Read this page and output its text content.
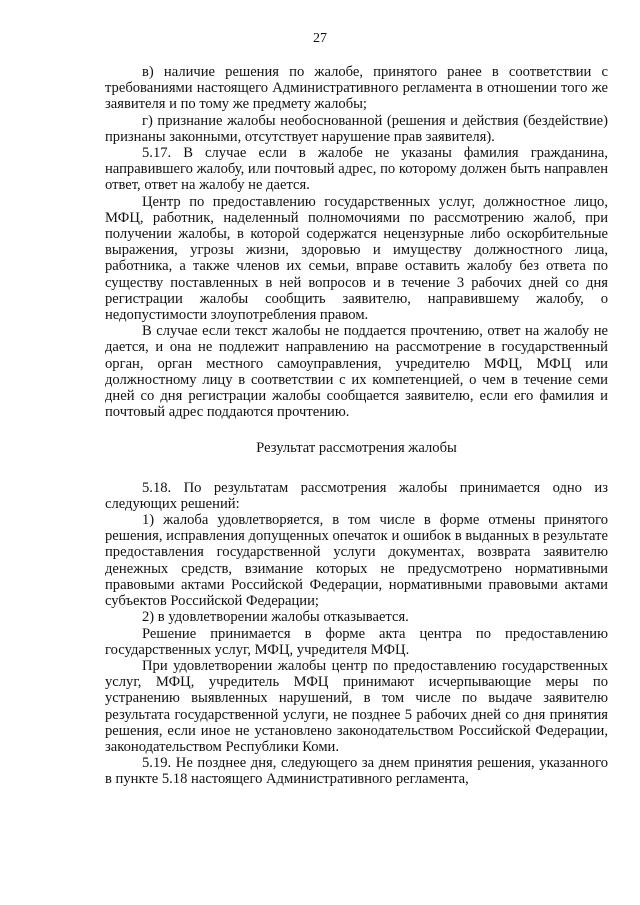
27

в) наличие решения по жалобе, принятого ранее в соответствии с требованиями настоящего Административного регламента в отношении того же заявителя и по тому же предмету жалобы;

г) признание жалобы необоснованной (решения и действия (бездействие) признаны законными, отсутствует нарушение прав заявителя).

5.17. В случае если в жалобе не указаны фамилия гражданина, направившего жалобу, или почтовый адрес, по которому должен быть направлен ответ, ответ на жалобу не дается.

Центр по предоставлению государственных услуг, должностное лицо, МФЦ, работник, наделенный полномочиями по рассмотрению жалоб, при получении жалобы, в которой содержатся нецензурные либо оскорбительные выражения, угрозы жизни, здоровью и имуществу должностного лица, работника, а также членов их семьи, вправе оставить жалобу без ответа по существу поставленных в ней вопросов и в течение 3 рабочих дней со дня регистрации жалобы сообщить заявителю, направившему жалобу, о недопустимости злоупотребления правом.

В случае если текст жалобы не поддается прочтению, ответ на жалобу не дается, и она не подлежит направлению на рассмотрение в государственный орган, орган местного самоуправления, учредителю МФЦ, МФЦ или должностному лицу в соответствии с их компетенцией, о чем в течение семи дней со дня регистрации жалобы сообщается заявителю, если его фамилия и почтовый адрес поддаются прочтению.

Результат рассмотрения жалобы

5.18. По результатам рассмотрения жалобы принимается одно из следующих решений:

1) жалоба удовлетворяется, в том числе в форме отмены принятого решения, исправления допущенных опечаток и ошибок в выданных в результате предоставления государственной услуги документах, возврата заявителю денежных средств, взимание которых не предусмотрено нормативными правовыми актами Российской Федерации, нормативными правовыми актами субъектов Российской Федерации;

2) в удовлетворении жалобы отказывается.

Решение принимается в форме акта центра по предоставлению государственных услуг, МФЦ, учредителя МФЦ.

При удовлетворении жалобы центр по предоставлению государственных услуг, МФЦ, учредитель МФЦ принимают исчерпывающие меры по устранению выявленных нарушений, в том числе по выдаче заявителю результата государственной услуги, не позднее 5 рабочих дней со дня принятия решения, если иное не установлено законодательством Российской Федерации, законодательством Республики Коми.

5.19. Не позднее дня, следующего за днем принятия решения, указанного в пункте 5.18 настоящего Административного регламента,
